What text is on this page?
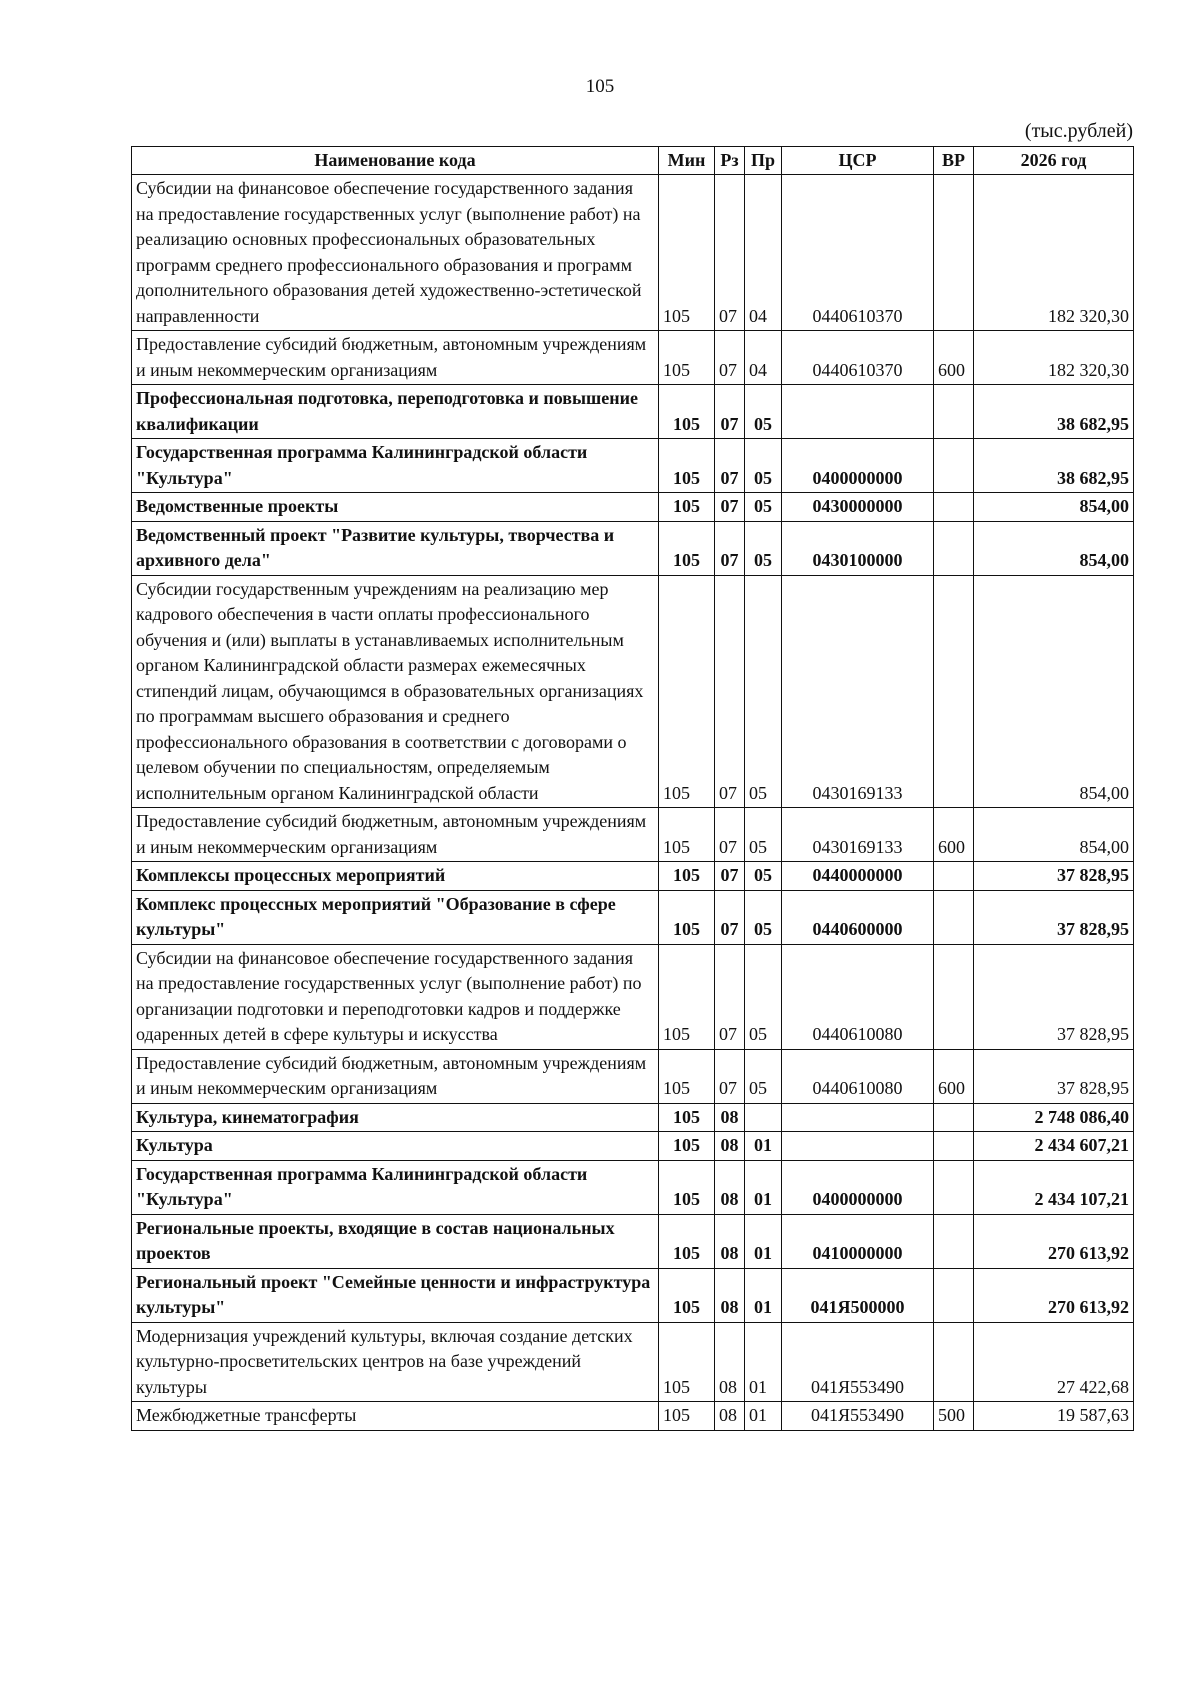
105
(тыс.рублей)
Наименование кода	Мин	Рз	Пр	ЦСР	ВР	2026 год
Субсидии на финансовое обеспечение государственного задания на предоставление государственных услуг (выполнение работ) на реализацию основных профессиональных образовательных программ среднего профессионального образования и программ дополнительного образования детей художественно-эстетической направленности	105	07	04	0440610370		182 320,30
Предоставление субсидий бюджетным, автономным учреждениям и иным некоммерческим организациям	105	07	04	0440610370	600	182 320,30
Профессиональная подготовка, переподготовка и повышение квалификации	105	07	05			38 682,95
Государственная программа Калининградской области "Культура"	105	07	05	0400000000		38 682,95
Ведомственные проекты	105	07	05	0430000000		854,00
Ведомственный проект "Развитие культуры, творчества и архивного дела"	105	07	05	0430100000		854,00
Субсидии государственным учреждениям на реализацию мер кадрового обеспечения в части оплаты профессионального обучения и (или) выплаты в устанавливаемых исполнительным органом Калининградской области размерах ежемесячных стипендий лицам, обучающимся в образовательных организациях по программам высшего образования и среднего профессионального образования в соответствии с договорами о целевом обучении по специальностям, определяемым исполнительным органом Калининградской области	105	07	05	0430169133		854,00
Предоставление субсидий бюджетным, автономным учреждениям и иным некоммерческим организациям	105	07	05	0430169133	600	854,00
Комплексы процессных мероприятий	105	07	05	0440000000		37 828,95
Комплекс процессных мероприятий "Образование в сфере культуры"	105	07	05	0440600000		37 828,95
Субсидии на финансовое обеспечение государственного задания на предоставление государственных услуг (выполнение работ) по организации подготовки и переподготовки кадров и поддержке одаренных детей в сфере культуры и искусства	105	07	05	0440610080		37 828,95
Предоставление субсидий бюджетным, автономным учреждениям и иным некоммерческим организациям	105	07	05	0440610080	600	37 828,95
Культура, кинематография	105	08				2 748 086,40
Культура	105	08	01			2 434 607,21
Государственная программа Калининградской области "Культура"	105	08	01	0400000000		2 434 107,21
Региональные проекты, входящие в состав национальных проектов	105	08	01	0410000000		270 613,92
Региональный проект "Семейные ценности и инфраструктура культуры"	105	08	01	041Я500000		270 613,92
Модернизация учреждений культуры, включая создание детских культурно-просветительских центров на базе учреждений культуры	105	08	01	041Я553490		27 422,68
Межбюджетные трансферты	105	08	01	041Я553490	500	19 587,63
